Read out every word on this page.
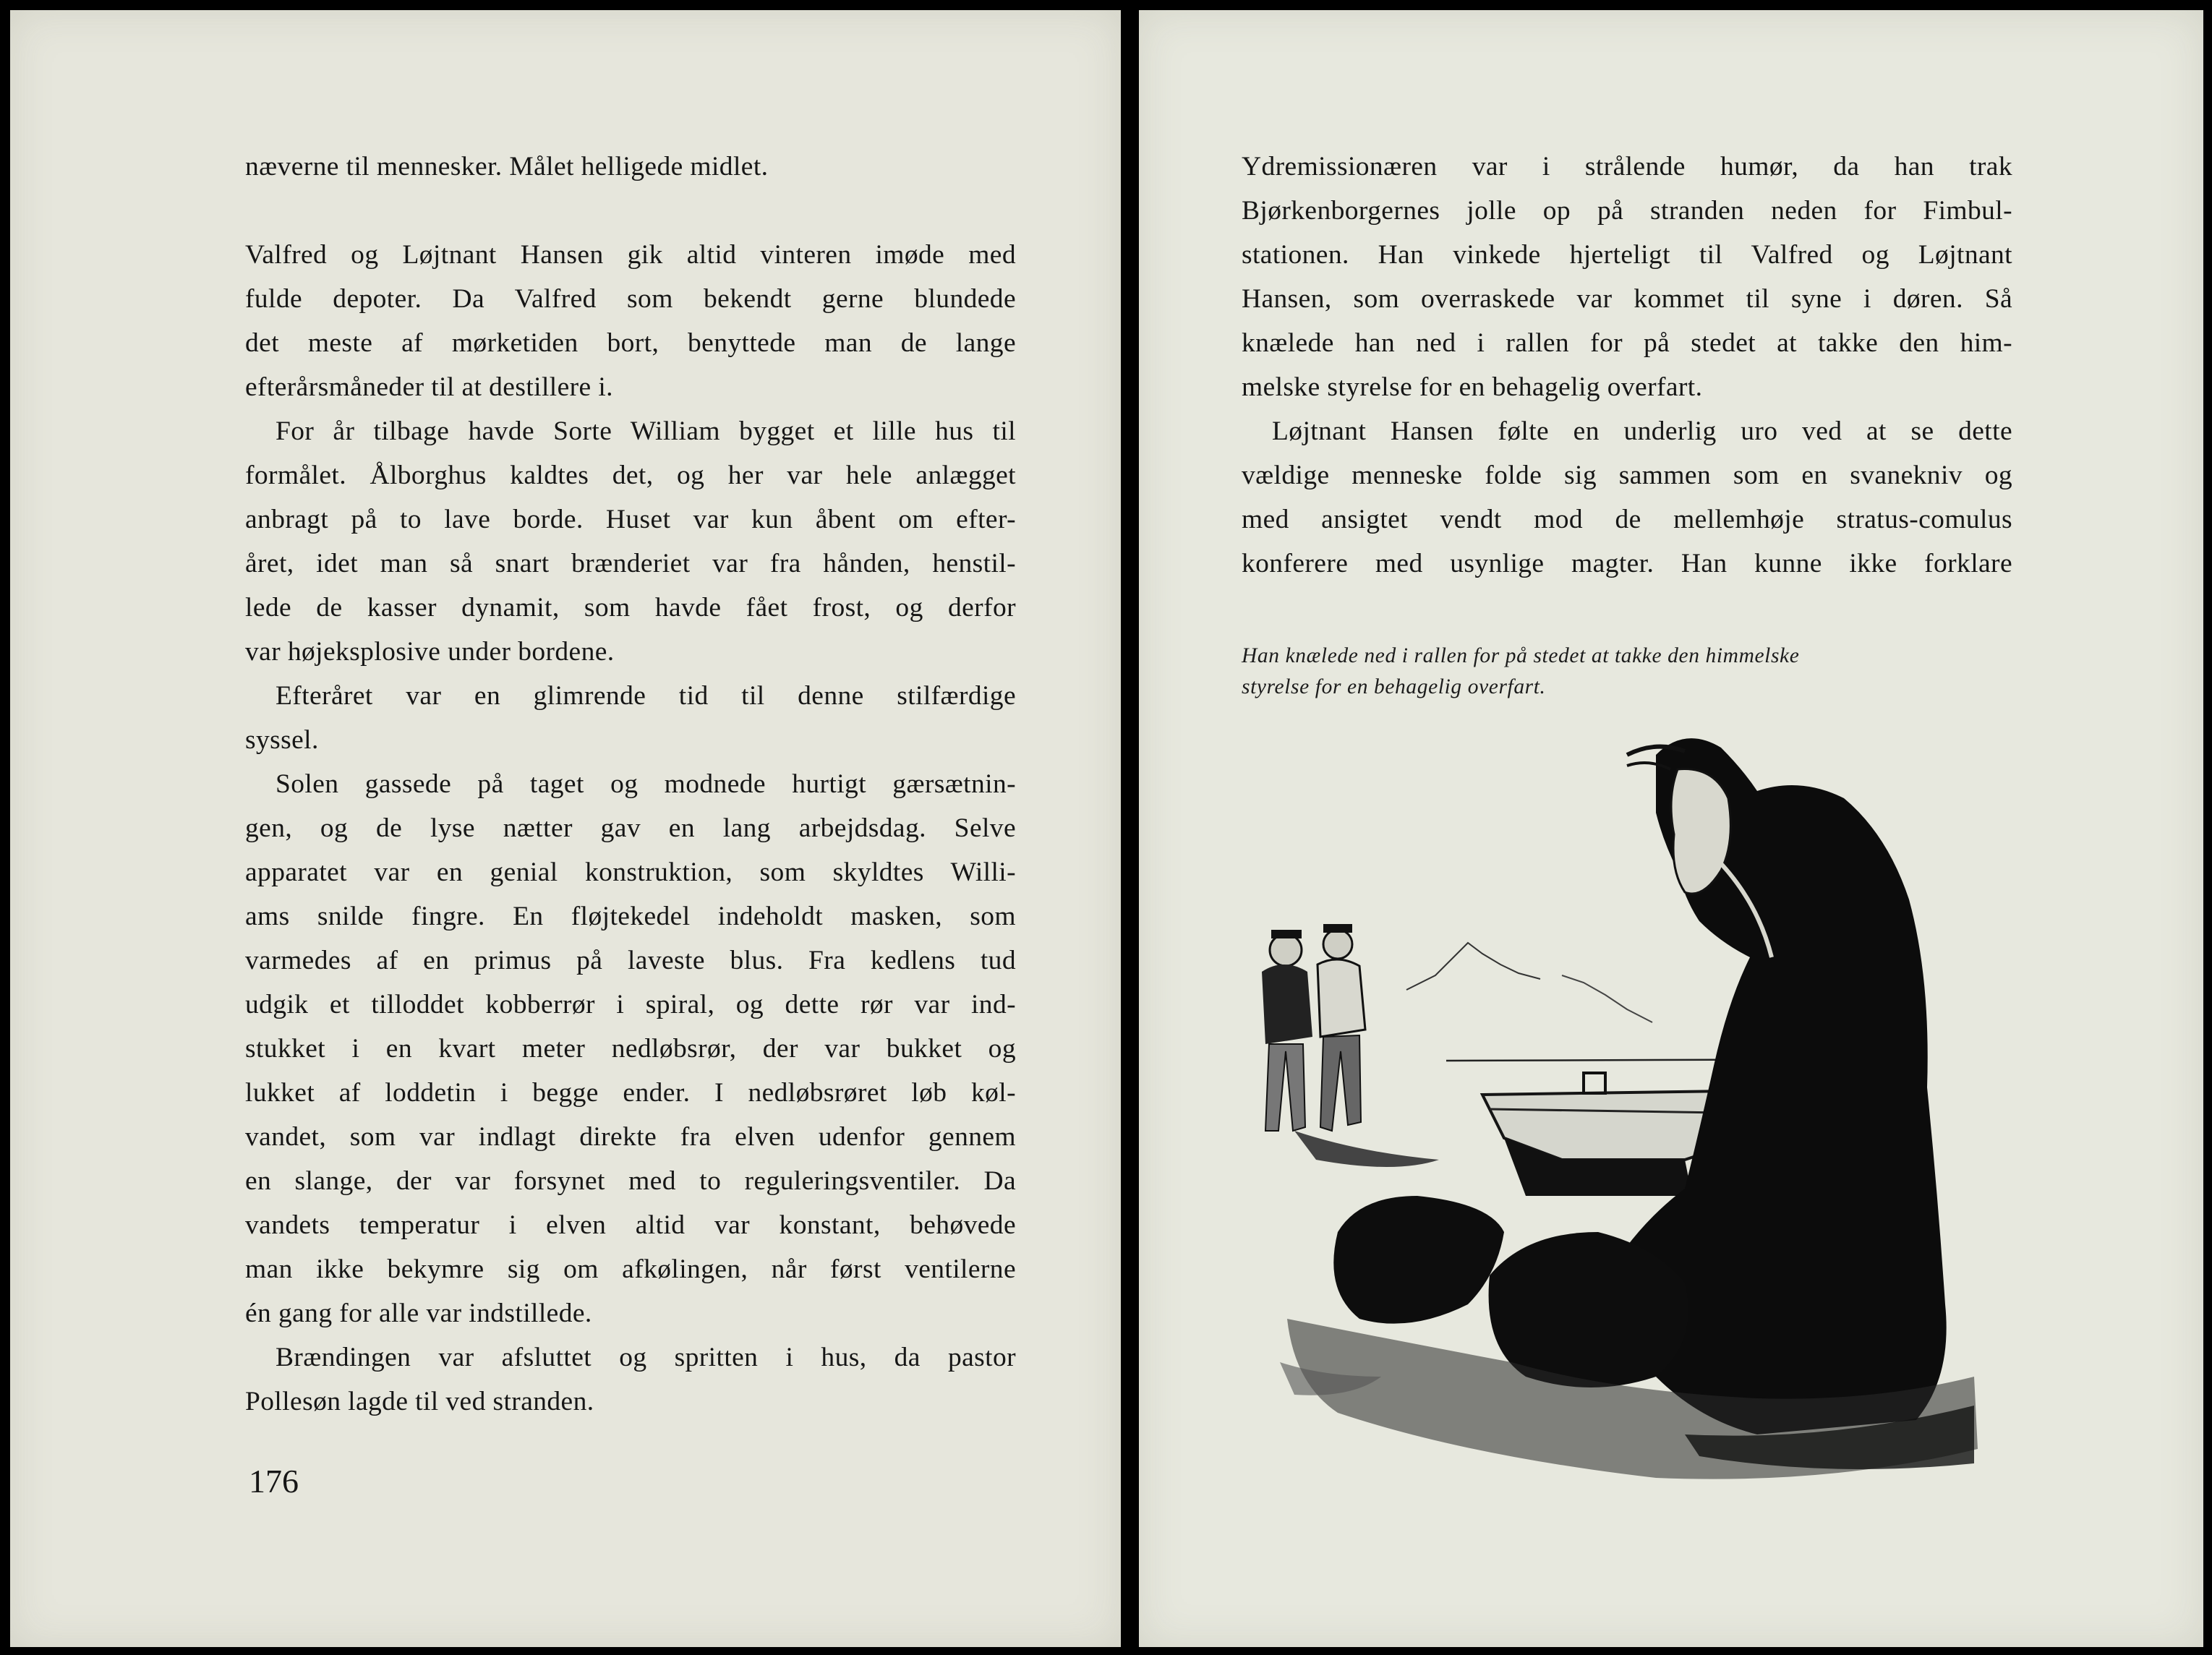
næverne til mennesker. Målet helligede midlet.
Valfred og Løjtnant Hansen gik altid vinteren imøde med
fulde depoter. Da Valfred som bekendt gerne blundede
det meste af mørketiden bort, benyttede man de lange
efterårsmåneder til at destillere i.
For år tilbage havde Sorte William bygget et lille hus til
formålet. Ålborghus kaldtes det, og her var hele anlægget
anbragt på to lave borde. Huset var kun åbent om efter-
året, idet man så snart brænderiet var fra hånden, henstil-
lede de kasser dynamit, som havde fået frost, og derfor
var højeksplosive under bordene.
Efteråret var en glimrende tid til denne stilfærdige
syssel.
Solen gassede på taget og modnede hurtigt gærsætnin-
gen, og de lyse nætter gav en lang arbejdsdag. Selve
apparatet var en genial konstruktion, som skyldtes Willi-
ams snilde fingre. En fløjtekedel indeholdt masken, som
varmedes af en primus på laveste blus. Fra kedlens tud
udgik et tilloddet kobberrør i spiral, og dette rør var ind-
stukket i en kvart meter nedløbsrør, der var bukket og
lukket af loddetin i begge ender. I nedløbsrøret løb køl-
vandet, som var indlagt direkte fra elven udenfor gennem
en slange, der var forsynet med to reguleringsventiler. Da
vandets temperatur i elven altid var konstant, behøvede
man ikke bekymre sig om afkølingen, når først ventilerne
én gang for alle var indstillede.
Brændingen var afsluttet og spritten i hus, da pastor
Pollesøn lagde til ved stranden.
176
Ydremissionæren var i strålende humør, da han trak
Bjørkenborgernes jolle op på stranden neden for Fimbul-
stationen. Han vinkede hjerteligt til Valfred og Løjtnant
Hansen, som overraskede var kommet til syne i døren. Så
knælede han ned i rallen for på stedet at takke den him-
melske styrelse for en behagelig overfart.
Løjtnant Hansen følte en underlig uro ved at se dette
vældige menneske folde sig sammen som en svanekniv og
med ansigtet vendt mod de mellemhøje stratus-comulus
konferere med usynlige magter. Han kunne ikke forklare
Han knælede ned i rallen for på stedet at takke den himmelske
styrelse for en behagelig overfart.
